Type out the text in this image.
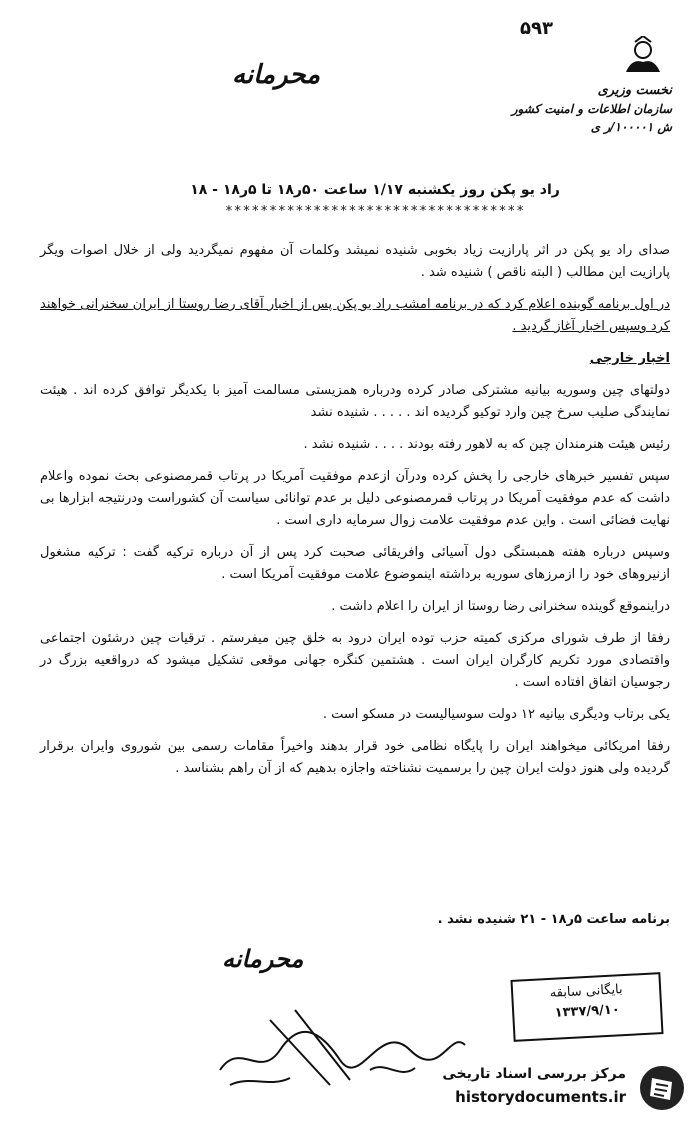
۵۹۳
محرمانه
نخست وزیری
سازمان اطلاعات و امنیت کشور
ش ۱۰۰۰۰۱/ر ی
راد یو پکن روز یکشنبه ۱/۱۷ ساعت ۵۰ر۱۸ تا ۵ر۱۸ - ۱۸
**********************************

صدای راد یو پکن در اثر پارازیت زیاد بخوبی شنیده نمیشد وکلمات آن مفهوم نمیگردید ولی از خلال اصوات ویگر پارازیت این مطالب ( البته ناقص ) شنیده شد .

در اول برنامه گوینده اعلام کرد که در برنامه امشب راد یو پکن پس از اخبار آقای رضا روستا از ایران سخنرانی خواهند کرد وسپس اخبار آغاز گردید .

اخبار خارجی

دولتهای چین وسوریه بیانیه مشترکی صادر کرده ودرباره همزیستی مسالمت آمیز با یکدیگر توافق کرده اند . هیئت نمایندگی صلیب سرخ چین وارد توکیو گردیده اند . . . . . شنیده نشد

رئیس هیئت هنرمندان چین که به لاهور رفته بودند . . . . شنیده نشد .

سپس تفسیر خبرهای خارجی را پخش کرده ودرآن ازعدم موفقیت آمریکا در پرتاب قمرمصنوعی بحث نموده واعلام داشت که عدم موفقیت آمریکا در پرتاب قمرمصنوعی دلیل بر عدم توانائی سیاست آن کشوراست ودرنتیجه ابزارها بی نهایت فضائی است . واین عدم موفقیت علامت زوال سرمایه داری است .

وسپس درباره هفته همبستگی دول آسیائی وافریقائی صحبت کرد پس از آن درباره ترکیه گفت : ترکیه مشغول ازنیروهای خود را ازمرزهای سوریه برداشته اینموضوع علامت موفقیت آمریکا است .

دراینموقع گوینده سخنرانی رضا روستا از ایران را اعلام داشت .

رفقا از طرف شورای مرکزی کمیته حزب توده ایران درود به خلق چین میفرستم . ترقیات چین درشئون اجتماعی واقتصادی مورد تکریم کارگران ایران است . هشتمین کنگره جهانی موقعی تشکیل میشود که درواقعیه بزرگ در رجوسیان اتفاق افتاده است .

یکی برتاب ودیگری بیانیه ۱۲ دولت سوسیالیست در مسکو است .

رفقا امریکائی میخواهند ایران را پایگاه نظامی خود قرار بدهند واخیراً مقامات رسمی بین شوروی وایران برقرار گردیده ولی هنوز دولت ایران چین را برسمیت نشناخته واجازه بدهیم که از آن راهم بشناسد .

برنامه ساعت ۵ر۱۸ - ۲۱ شنیده نشد .
محرمانه
بایگانی سابقه
۱۳۳۷/۹/۱۰
مرکز بررسی اسناد تاریخی
historydocuments.ir
